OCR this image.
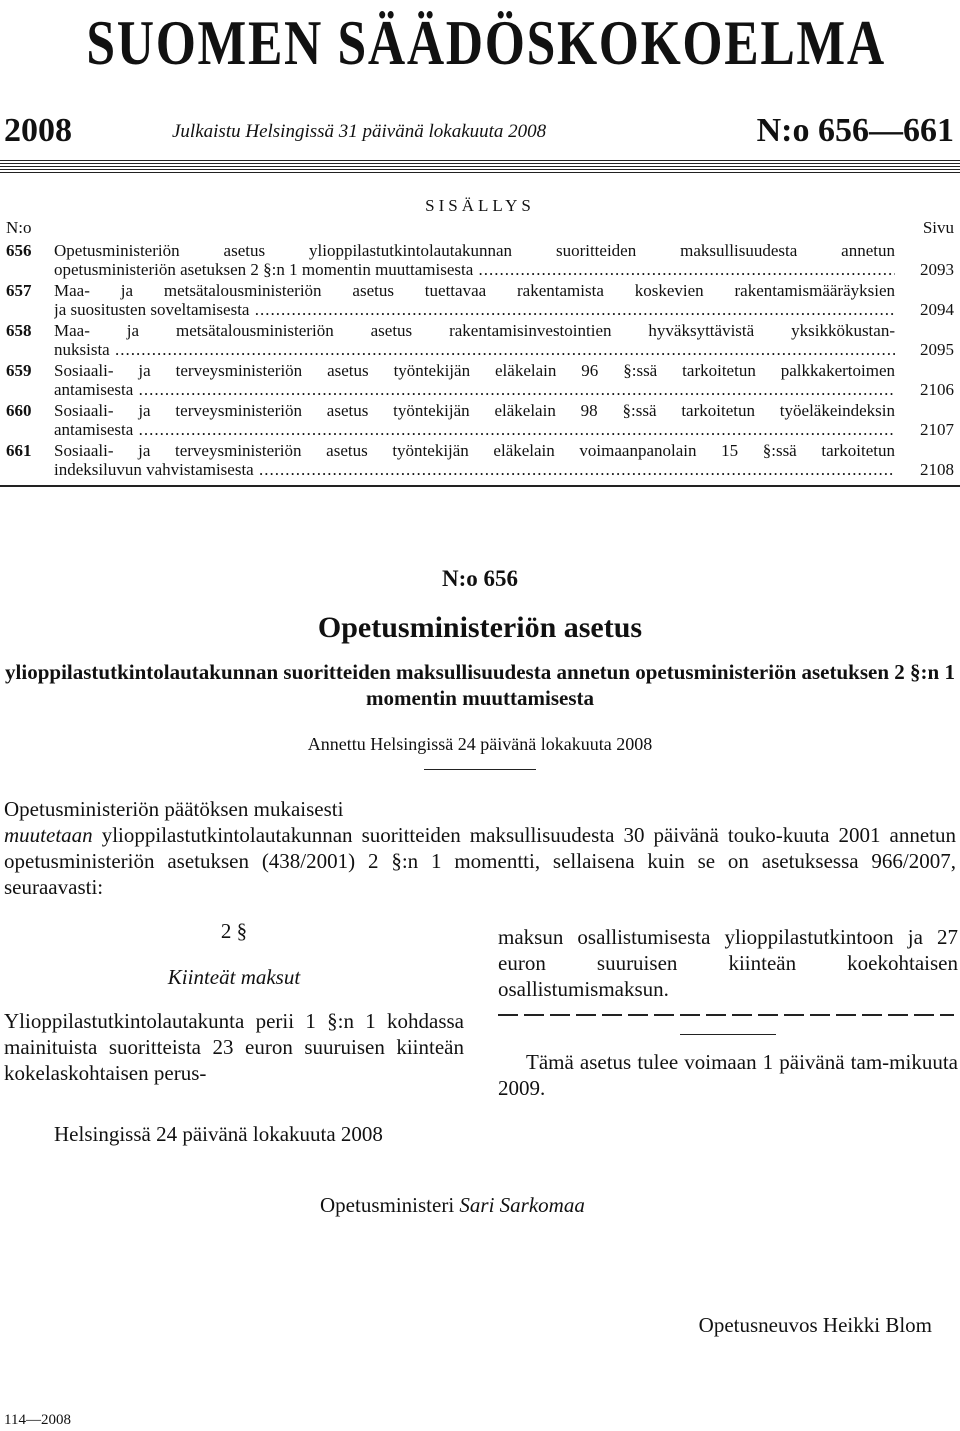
SUOMEN SÄÄDÖSKOKOELMA
2008	Julkaistu Helsingissä 31 päivänä lokakuuta 2008	N:o 656—661
SISÄLLYS
N:o	Sivu
656 Opetusministeriön asetus ylioppilastutkintolautakunnan suoritteiden maksullisuudesta annetun
opetusministeriön asetuksen 2 §:n 1 momentin muuttamisesta .....	2093
657 Maa- ja metsätalousministeriön asetus tuettavaa rakentamista koskevien rakentamismääräyksien
ja suositusten soveltamisesta .....	2094
658 Maa- ja metsätalousministeriön asetus rakentamisinvestointien hyväksyttävistä yksikkökustan-
nuksista .....	2095
659 Sosiaali- ja terveysministeriön asetus työntekijän eläkelain 96 §:ssä tarkoitetun palkkakertoimen
antamisesta .....	2106
660 Sosiaali- ja terveysministeriön asetus työntekijän eläkelain 98 §:ssä tarkoitetun työeläkeindeksin
antamisesta .....	2107
661 Sosiaali- ja terveysministeriön asetus työntekijän eläkelain voimaanpanolain 15 §:ssä tarkoitetun
indeksiluvun vahvistamisesta .....	2108
N:o 656
Opetusministeriön asetus
ylioppilastutkintolautakunnan suoritteiden maksullisuudesta annetun opetusministeriön asetuksen 2 §:n 1 momentin muuttamisesta
Annettu Helsingissä 24 päivänä lokakuuta 2008

Opetusministeriön päätöksen mukaisesti

muutetaan ylioppilastutkintolautakunnan suoritteiden maksullisuudesta 30 päivänä touko-kuuta 2001 annetun opetusministeriön asetuksen (438/2001) 2 §:n 1 momentti, sellaisena kuin se on asetuksessa 966/2007, seuraavasti:

2 §
Kiinteät maksut
Ylioppilastutkintolautakunta perii 1 §:n 1 kohdassa mainituista suoritteista 23 euron suuruisen kiinteän kokelaskohtaisen perus-
maksun osallistumisesta ylioppilastutkintoon ja 27 euron suuruisen kiinteän koekohtaisen osallistumismaksun.
Tämä asetus tulee voimaan 1 päivänä tam-mikuuta 2009.
Helsingissä 24 päivänä lokakuuta 2008
Opetusministeri Sari Sarkomaa
Opetusneuvos Heikki Blom
114—2008
